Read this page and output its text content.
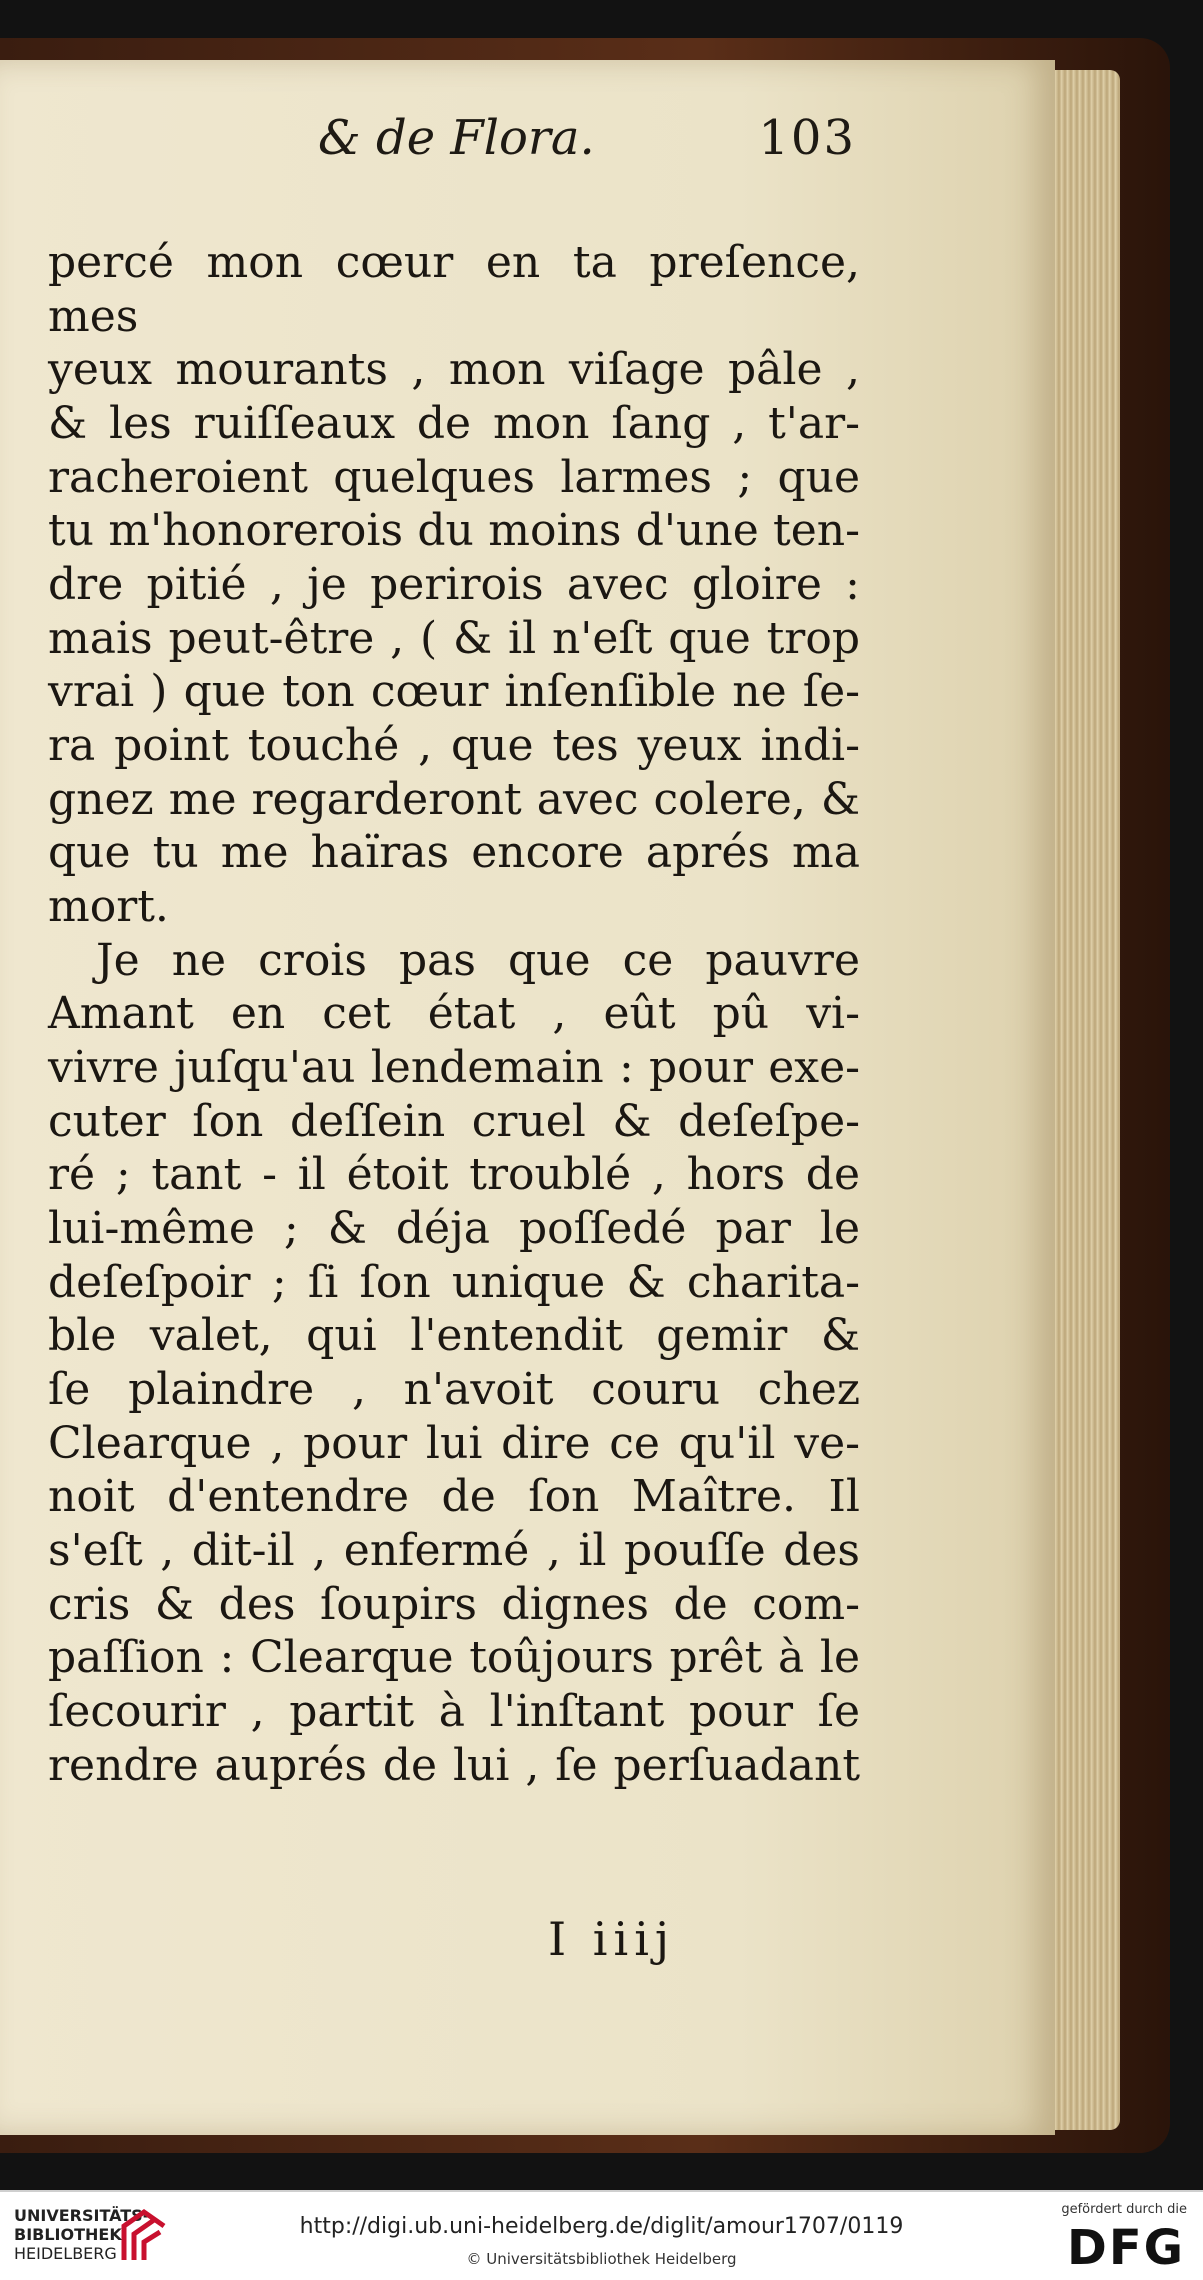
& de Flora.	103

percé mon cœur en ta preſence, mes

yeux mourants , mon viſage pâle ,

& les ruiſſeaux de mon ſang , t'ar-

racheroient quelques larmes ; que

tu m'honorerois du moins d'une ten-

dre pitié , je perirois avec gloire :

mais peut-être , ( & il n'eſt que trop

vrai ) que ton cœur inſenſible ne ſe-

ra point touché , que tes yeux indi-

gnez me regarderont avec colere, &

que tu me haïras encore aprés ma

mort.

Je ne crois pas que ce pauvre

Amant en cet état , eût pû vi-

vivre juſqu'au lendemain : pour exe-

cuter ſon deſſein cruel & deſeſpe-

ré ; tant - il étoit troublé , hors de

lui-même ; & déja poſſedé par le

deſeſpoir ; ſi ſon unique & charita-

ble valet, qui l'entendit gemir &

ſe plaindre , n'avoit couru chez

Clearque , pour lui dire ce qu'il ve-

noit d'entendre de ſon Maître. Il

s'eſt , dit-il , enfermé , il pouſſe des

cris & des ſoupirs dignes de com-

paſſion : Clearque toûjours prêt à le

ſecourir , partit à l'inſtant pour ſe

rendre auprés de lui , ſe perſuadant

I iiij
UNIVERSITÄTS-
BIBLIOTHEK
HEIDELBERG
http://digi.ub.uni-heidelberg.de/diglit/amour1707/0119
© Universitätsbibliothek Heidelberg
gefördert durch die
DFG
